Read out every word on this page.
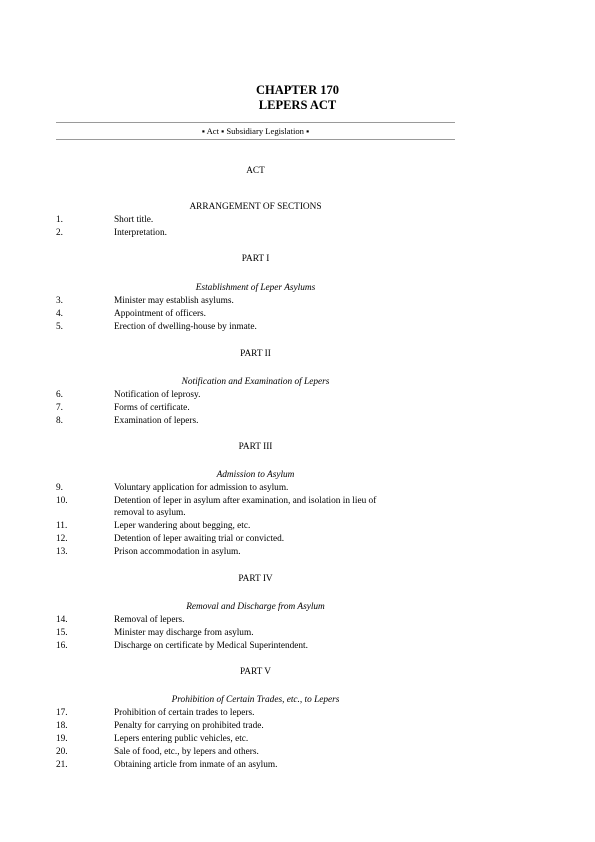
CHAPTER 170
LEPERS ACT
▪ Act ▪ Subsidiary Legislation ▪
ACT
ARRANGEMENT OF SECTIONS
1.	Short title.
2.	Interpretation.
PART I
Establishment of Leper Asylums
3.	Minister may establish asylums.
4.	Appointment of officers.
5.	Erection of dwelling-house by inmate.
PART II
Notification and Examination of Lepers
6.	Notification of leprosy.
7.	Forms of certificate.
8.	Examination of lepers.
PART III
Admission to Asylum
9.	Voluntary application for admission to asylum.
10.	Detention of leper in asylum after examination, and isolation in lieu of
removal to asylum.
11.	Leper wandering about begging, etc.
12.	Detention of leper awaiting trial or convicted.
13.	Prison accommodation in asylum.
PART IV
Removal and Discharge from Asylum
14.	Removal of lepers.
15.	Minister may discharge from asylum.
16.	Discharge on certificate by Medical Superintendent.
PART V
Prohibition of Certain Trades, etc., to Lepers
17.	Prohibition of certain trades to lepers.
18.	Penalty for carrying on prohibited trade.
19.	Lepers entering public vehicles, etc.
20.	Sale of food, etc., by lepers and others.
21.	Obtaining article from inmate of an asylum.
